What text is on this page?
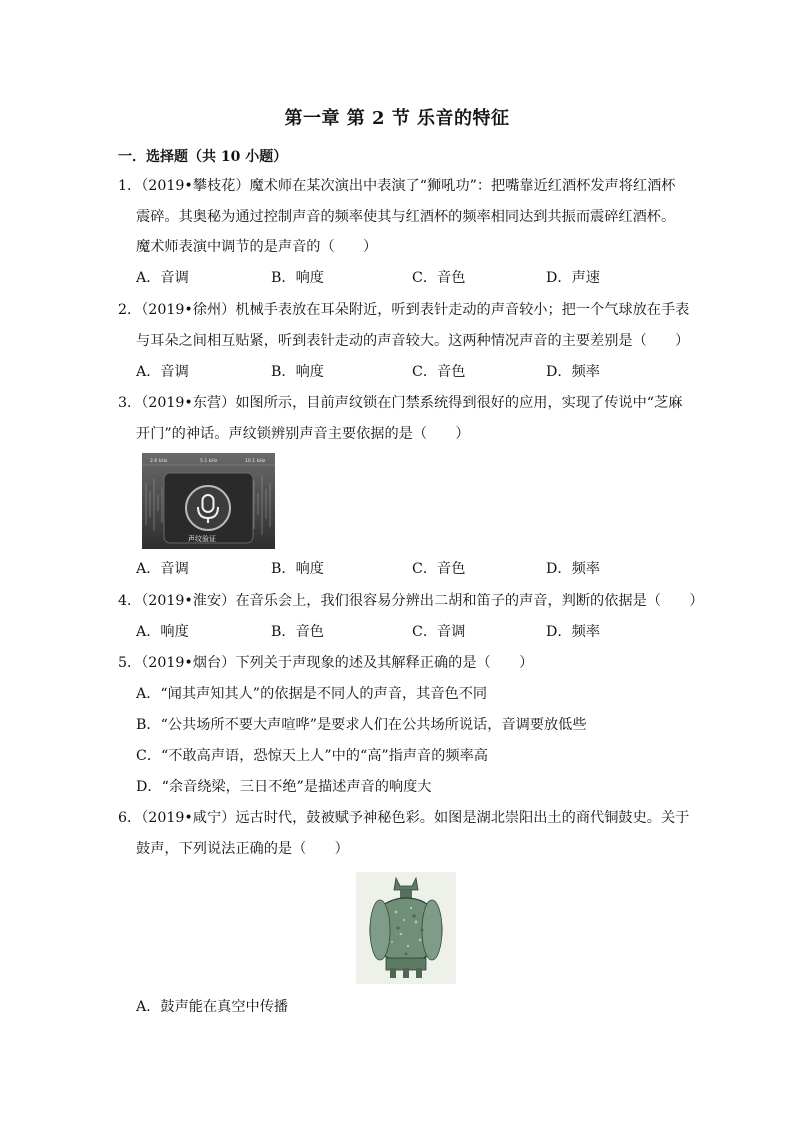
第一章 第 2 节 乐音的特征
一．选择题（共 10 小题）
1．（2019•攀枝花）魔术师在某次演出中表演了“狮吼功”：把嘴靠近红酒杯发声将红酒杯
震碎。其奥秘为通过控制声音的频率使其与红酒杯的频率相同达到共振而震碎红酒杯。
魔术师表演中调节的是声音的（　　）
A．音调	B．响度	C．音色	D．声速
2．（2019•徐州）机械手表放在耳朵附近，听到表针走动的声音较小；把一个气球放在手表
与耳朵之间相互贴紧，听到表针走动的声音较大。这两种情况声音的主要差别是（　　）
A．音调	B．响度	C．音色	D．频率
3．（2019•东营）如图所示，目前声纹锁在门禁系统得到很好的应用，实现了传说中“芝麻
开门”的神话。声纹锁辨别声音主要依据的是（　　）
2.6 kHz	5.1 kHz	10.1 kHz
声纹验证
A．音调	B．响度	C．音色	D．频率
4．（2019•淮安）在音乐会上，我们很容易分辨出二胡和笛子的声音，判断的依据是（　　）
A．响度	B．音色	C．音调	D．频率
5．（2019•烟台）下列关于声现象的述及其解释正确的是（　　）
A．“闻其声知其人”的依据是不同人的声音，其音色不同
B．“公共场所不要大声喧哗”是要求人们在公共场所说话，音调要放低些
C．“不敢高声语，恐惊天上人”中的“高”指声音的频率高
D．“余音绕梁，三日不绝”是描述声音的响度大
6．（2019•咸宁）远古时代，鼓被赋予神秘色彩。如图是湖北崇阳出土的商代铜鼓史。关于
鼓声，下列说法正确的是（　　）
A．鼓声能在真空中传播
